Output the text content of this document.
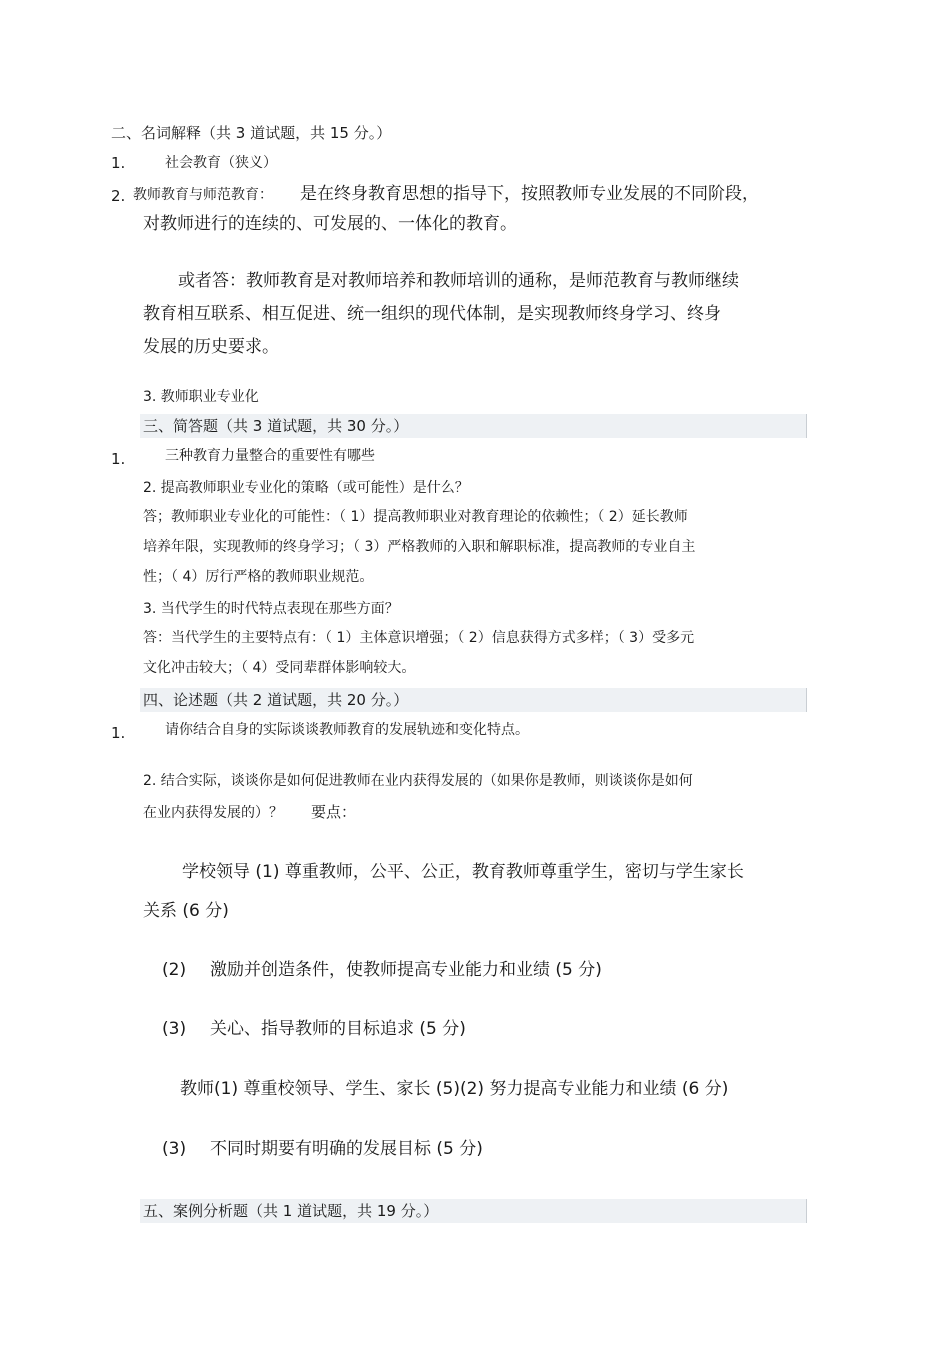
二、名词解释（共 3 道试题，共 15 分。）
1.	社会教育（狭义）
2. 教师教育与师范教育： 是在终身教育思想的指导下，按照教师专业发展的不同阶段，
对教师进行的连续的、可发展的、一体化的教育。
或者答：教师教育是对教师培养和教师培训的通称，是师范教育与教师继续
教育相互联系、相互促进、统一组织的现代体制，是实现教师终身学习、终身
发展的历史要求。
3. 教师职业专业化
三、简答题（共 3 道试题，共 30 分。）
1.	三种教育力量整合的重要性有哪些
2. 提高教师职业专业化的策略（或可能性）是什么？
答；教师职业专业化的可能性：（ 1）提高教师职业对教育理论的依赖性；（ 2）延长教师
培养年限，实现教师的终身学习；（ 3）严格教师的入职和解职标准，提高教师的专业自主
性；（ 4）厉行严格的教师职业规范。
3. 当代学生的时代特点表现在那些方面？
答：当代学生的主要特点有：（ 1）主体意识增强；（ 2）信息获得方式多样；（ 3）受多元
文化冲击较大；（ 4）受同辈群体影响较大。
四、论述题（共 2 道试题，共 20 分。）
1.	请你结合自身的实际谈谈教师教育的发展轨迹和变化特点。
2. 结合实际，谈谈你是如何促进教师在业内获得发展的（如果你是教师，则谈谈你是如何
在业内获得发展的）？ 要点：
学校领导 (1) 尊重教师，公平、公正，教育教师尊重学生，密切与学生家长
关系 (6 分)
(2) 激励并创造条件，使教师提高专业能力和业绩 (5 分)
(3) 关心、指导教师的目标追求 (5 分)
教师(1) 尊重校领导、学生、家长 (5)(2) 努力提高专业能力和业绩 (6 分)
(3) 不同时期要有明确的发展目标 (5 分)
五、案例分析题（共 1 道试题，共 19 分。）
